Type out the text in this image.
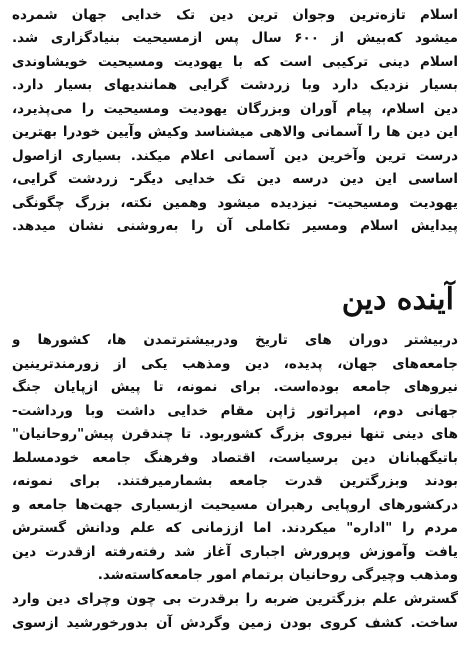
اسلام تازه‌ترین وجوان ترین دین تک خدایی جهان شمرده
میشود که‌بیش از ۶۰۰ سال پس ازمسیحیت بنیادگزاری شد.
اسلام دینی ترکیبی است که با یهودیت ومسیحیت خویشاوندی
بسیار نزدیک دارد وبا زردشت گرایی همانندیهای بسیار دارد.
دین اسلام، پیام آوران وبزرگان یهودیت ومسیحیت را می‌پذیرد،
این دین ها را آسمانی والاهی میشناسد وکیش وآیین خودرا بهترین
درست ترین وآخرین دین آسمانی اعلام میکند. بسیاری ازاصول
اساسی این دین درسه دین تک خدایی دیگر- زردشت گرایی،
یهودیت ومسیحیت- نیزدیده میشود وهمین نکته، بزرگ چگونگی
پیدایش اسلام ومسیر تکاملی آن را به‌روشنی نشان میدهد.
آینده دین
دربیشتر دوران های تاریخ ودربیشترتمدن ها، کشورها و
جامعه‌های جهان، پدیده، دین ومذهب یکی از زورمندترینین
نیروهای جامعه بوده‌است. برای نمونه، تا پیش ازپایان جنگ
جهانی دوم، امپراتور ژاپن مقام خدایی داشت وبا ورداشت-
های دینی تنها نیروی بزرگ کشوربود. تا چندقرن پیش"روحانیان"
باتیگهبانان دین برسیاست، اقتصاد وفرهنگ جامعه خودمسلط
بودند وبزرگترین قدرت جامعه بشمارمیرفتند. برای نمونه،
درکشورهای اروپایی رهبران مسیحیت ازبسیاری جهت‌ها جامعه و
مردم را "اداره" میکردند. اما اززمانی که علم ودانش گسترش
یافت وآموزش وپرورش اجباری آغاز شد رفته‌رفته ازقدرت دین
ومذهب وچیرگی روحانیان برتمام امور جامعه‌کاسته‌شد.
گسترش علم بزرگترین ضربه را برقدرت بی چون وچرای دین وارد
ساخت. کشف کروی بودن زمین وگردش آن بدورخورشید ازسوی
